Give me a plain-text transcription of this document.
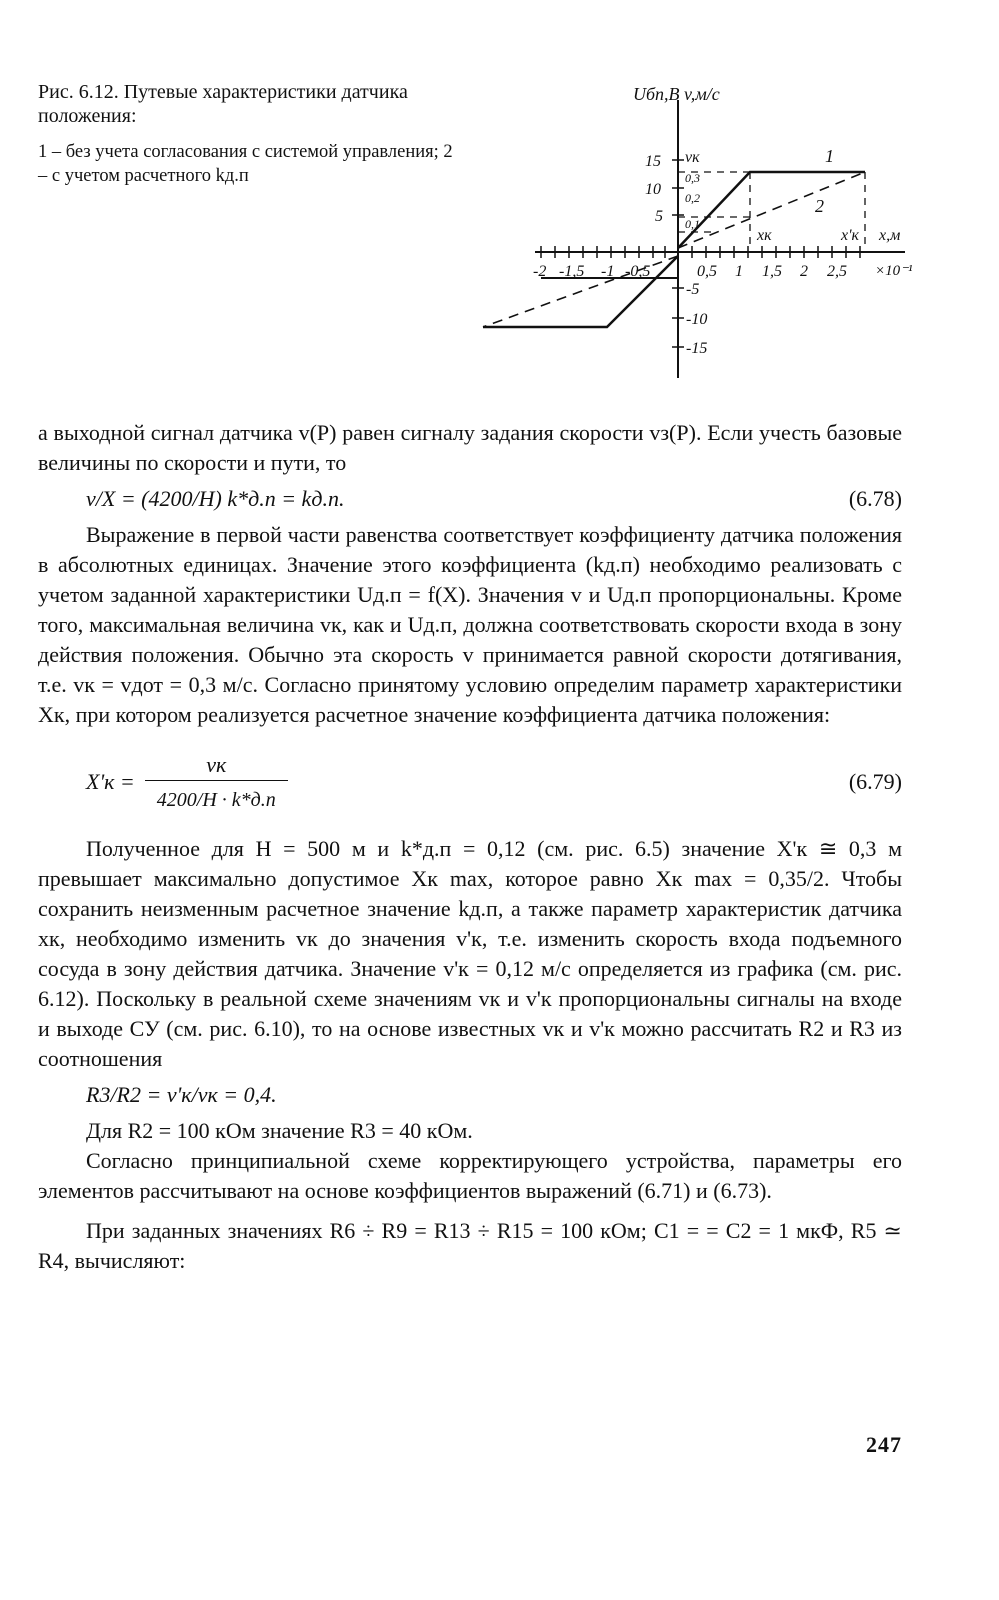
Рис. 6.12. Путевые характеристики датчика положения:
1 – без учета согласования с системой управления; 2 – с учетом расчетного kд.п
Uбп,В v,м/с
1
2
vк
xк	x'к x,м
×10⁻¹
15
10
5
0,3
0,2
0,1
-5
-10
-15
-2 -1,5 -1 -0,5	0,5 1 1,5 2 2,5

а выходной сигнал датчика v(P) равен сигналу задания скорости vз(P). Если учесть базовые величины по скорости и пути, то

v/X = (4200/H) k*д.п = kд.п.	(6.78)

Выражение в первой части равенства соответствует коэффициенту датчика положения в абсолютных единицах. Значение этого коэффициента (kд.п) необходимо реализовать с учетом заданной характеристики Uд.п = f(X). Значения v и Uд.п пропорциональны. Кроме того, максимальная величина vк, как и Uд.п, должна соответствовать скорости входа в зону действия положения. Обычно эта скорость v принимается равной скорости дотягивания, т.е. vк = vдот = 0,3 м/с. Согласно принятому условию определим параметр характеристики Xк, при котором реализуется расчетное значение коэффициента датчика положения:

$X'к = \frac{vк}{4200/H \cdot k*д.п}$	(6.79)

Полученное для H = 500 м и k*д.п = 0,12 (см. рис. 6.5) значение X'к ≅ 0,3 м превышает максимально допустимое Xк max, которое равно Xк max = 0,35/2. Чтобы сохранить неизменным расчетное значение kд.п, а также параметр характеристик датчика xк, необходимо изменить vк до значения v'к, т.е. изменить скорость входа подъемного сосуда в зону действия датчика. Значение v'к = 0,12 м/с определяется из графика (см. рис. 6.12). Поскольку в реальной схеме значениям vк и v'к пропорциональны сигналы на входе и выходе СУ (см. рис. 6.10), то на основе известных vк и v'к можно рассчитать R2 и R3 из соотношения

R3/R2 = v'к/vк = 0,4.

Для R2 = 100 кОм значение R3 = 40 кОм.

Согласно принципиальной схеме корректирующего устройства, параметры его элементов рассчитывают на основе коэффициентов выражений (6.71) и (6.73).

При заданных значениях R6 ÷ R9 = R13 ÷ R15 = 100 кОм; C1 = = C2 = 1 мкФ, R5 ≃ R4, вычисляют:

247
